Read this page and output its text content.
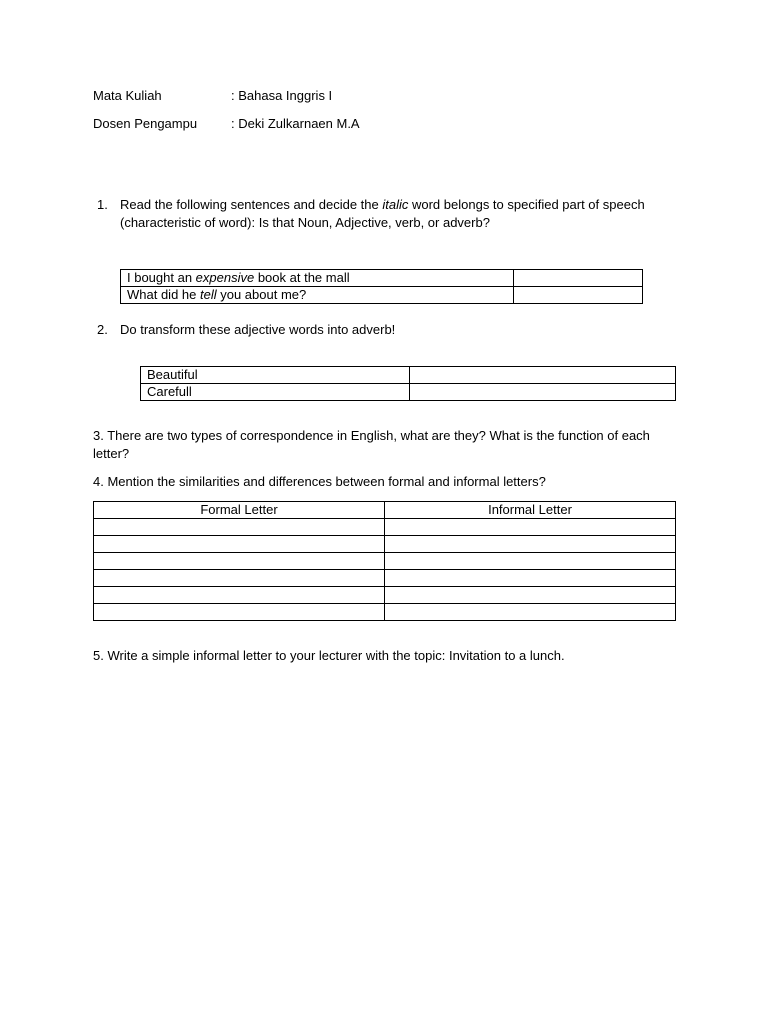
Mata Kuliah	: Bahasa Inggris I
Dosen Pengampu	: Deki Zulkarnaen M.A
1. Read the following sentences and decide the italic word belongs to specified part of speech (characteristic of word): Is that Noun, Adjective, verb, or adverb?
I bought an expensive book at the mall	
What did he tell you about me?	
2. Do transform these adjective words into adverb!
Beautiful	
Carefull	
3. There are two types of correspondence in English, what are they? What is the function of each letter?
4. Mention the similarities and differences between formal and informal letters?
Formal Letter	Informal Letter

5. Write a simple informal letter to your lecturer with the topic: Invitation to a lunch.
